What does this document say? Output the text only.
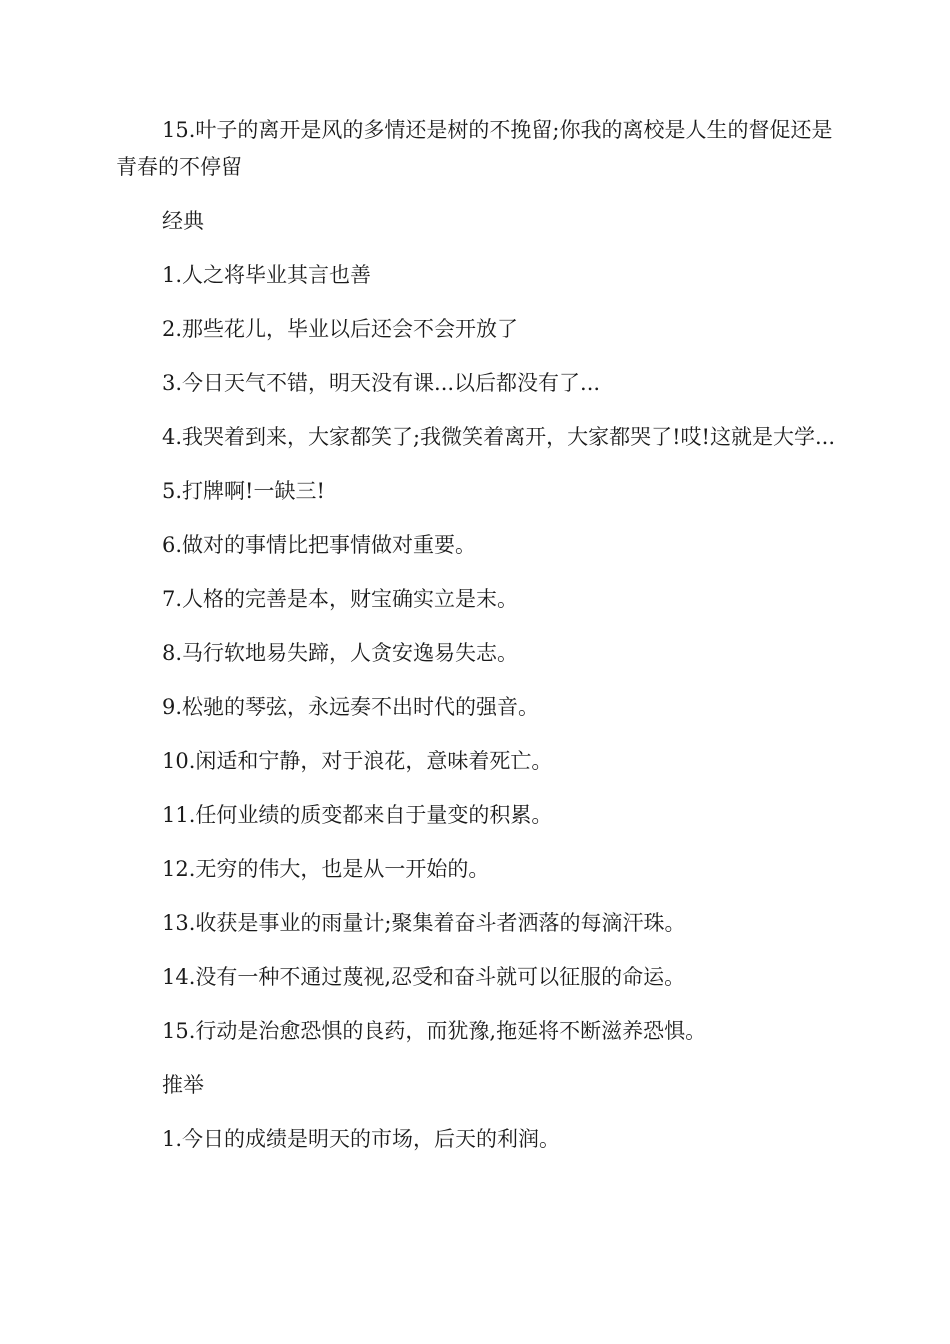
15.叶子的离开是风的多情还是树的不挽留;你我的离校是人生的督促还是青春的不停留

经典

1.人之将毕业其言也善

2.那些花儿，毕业以后还会不会开放了

3.今日天气不错，明天没有课...以后都没有了...

4.我哭着到来，大家都笑了;我微笑着离开，大家都哭了!哎!这就是大学...

5.打牌啊!一缺三!

6.做对的事情比把事情做对重要。

7.人格的完善是本，财宝确实立是末。

8.马行软地易失蹄，人贪安逸易失志。

9.松驰的琴弦，永远奏不出时代的强音。

10.闲适和宁静，对于浪花，意味着死亡。

11.任何业绩的质变都来自于量变的积累。

12.无穷的伟大，也是从一开始的。

13.收获是事业的雨量计;聚集着奋斗者洒落的每滴汗珠。

14.没有一种不通过蔑视,忍受和奋斗就可以征服的命运。

15.行动是治愈恐惧的良药，而犹豫,拖延将不断滋养恐惧。

推举

1.今日的成绩是明天的市场，后天的利润。
